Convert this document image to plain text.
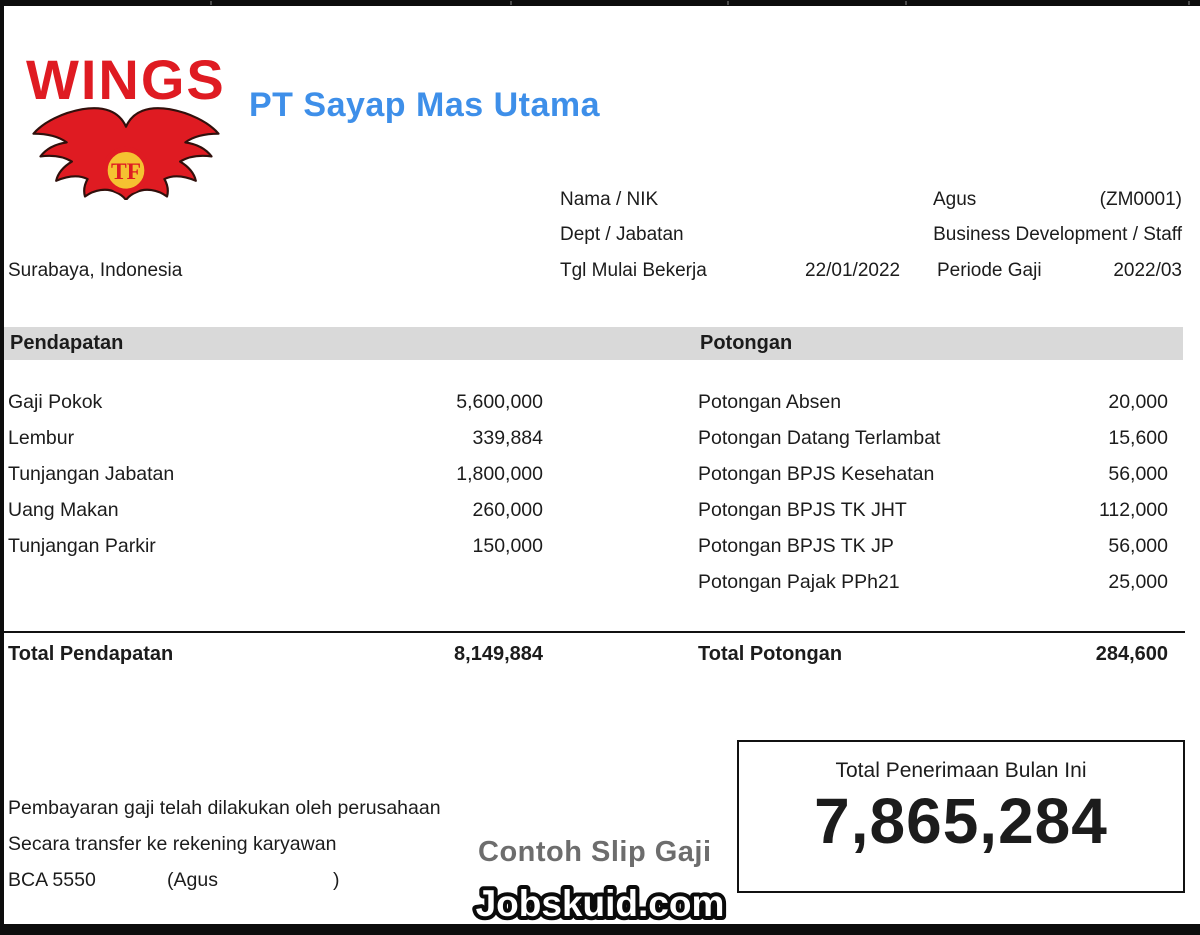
WINGS
TF
PT Sayap Mas Utama
Nama / NIK	Agus	(ZM0001)
Dept / Jabatan	Business Development / Staff
Surabaya, Indonesia	Tgl Mulai Bekerja	22/01/2022 Periode Gaji	2022/03
Pendapatan	Potongan
Gaji Pokok	5,600,000
Lembur	339,884
Tunjangan Jabatan	1,800,000
Uang Makan	260,000
Tunjangan Parkir	150,000
Potongan Absen	20,000
Potongan Datang Terlambat	15,600
Potongan BPJS Kesehatan	56,000
Potongan BPJS TK JHT	112,000
Potongan BPJS TK JP	56,000
Potongan Pajak PPh21	25,000
Total Pendapatan	8,149,884	Total Potongan	284,600
Total Penerimaan Bulan Ini
7,865,284
Pembayaran gaji telah dilakukan oleh perusahaan
Secara transfer ke rekening karyawan
BCA 5550	(Agus	)
Contoh Slip Gaji
Jobskuid.com
